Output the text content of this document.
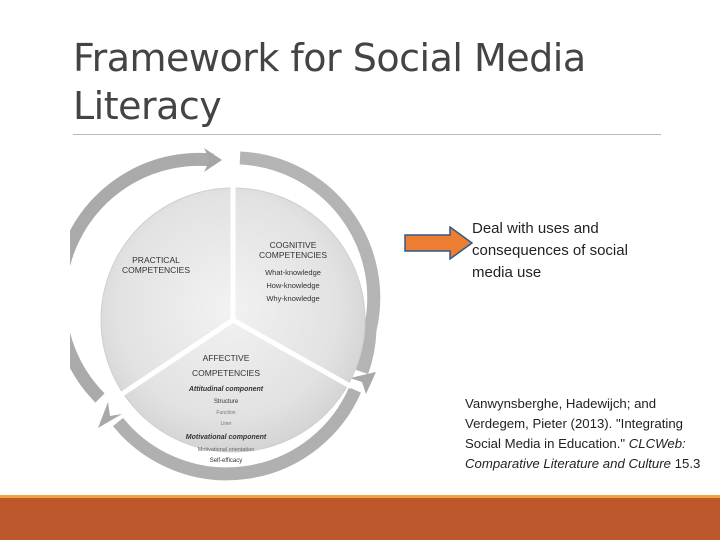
Framework for Social Media
Literacy
PRACTICAL
COMPETENCIES
COGNITIVE
COMPETENCIES
What-knowledge
How-knowledge
Why-knowledge
AFFECTIVE
COMPETENCIES
Attitudinal component
Structure
Function
Liner
Motivational component
Motivational orientation
Self-efficacy
Deal with uses and consequences of social media use
Vanwynsberghe, Hadewijch; and Verdegem, Pieter (2013). "Integrating Social Media in Education." CLCWeb: Comparative Literature and Culture 15.3
